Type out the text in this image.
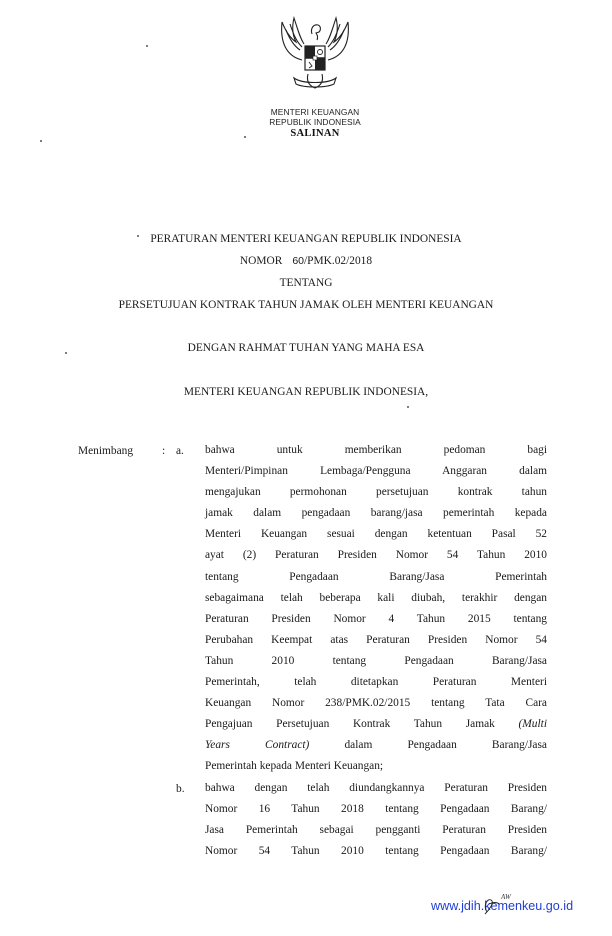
MENTERI KEUANGAN
REPUBLIK INDONESIA
SALINAN
PERATURAN MENTERI KEUANGAN REPUBLIK INDONESIA
NOMOR 60/PMK.02/2018
TENTANG
PERSETUJUAN KONTRAK TAHUN JAMAK OLEH MENTERI KEUANGAN
DENGAN RAHMAT TUHAN YANG MAHA ESA
MENTERI KEUANGAN REPUBLIK INDONESIA,
Menimbang	: a. bahwa untuk memberikan pedoman bagi
Menteri/Pimpinan Lembaga/Pengguna Anggaran dalam
mengajukan permohonan persetujuan kontrak tahun
jamak dalam pengadaan barang/jasa pemerintah kepada
Menteri Keuangan sesuai dengan ketentuan Pasal 52
ayat (2) Peraturan Presiden Nomor 54 Tahun 2010
tentang Pengadaan Barang/Jasa Pemerintah
sebagaimana telah beberapa kali diubah, terakhir dengan
Peraturan Presiden Nomor 4 Tahun 2015 tentang
Perubahan Keempat atas Peraturan Presiden Nomor 54
Tahun 2010 tentang Pengadaan Barang/Jasa
Pemerintah, telah ditetapkan Peraturan Menteri
Keuangan Nomor 238/PMK.02/2015 tentang Tata Cara
Pengajuan Persetujuan Kontrak Tahun Jamak (Multi
Years	Contract)	dalam Pengadaan Barang/Jasa
Pemerintah kepada Menteri Keuangan;
b. bahwa dengan telah diundangkannya Peraturan Presiden
Nomor 16 Tahun 2018 tentang Pengadaan Barang/
Jasa Pemerintah sebagai pengganti Peraturan Presiden
Nomor 54 Tahun 2010 tentang Pengadaan Barang/
www.jdih.kemenkeu.go.id
AW
